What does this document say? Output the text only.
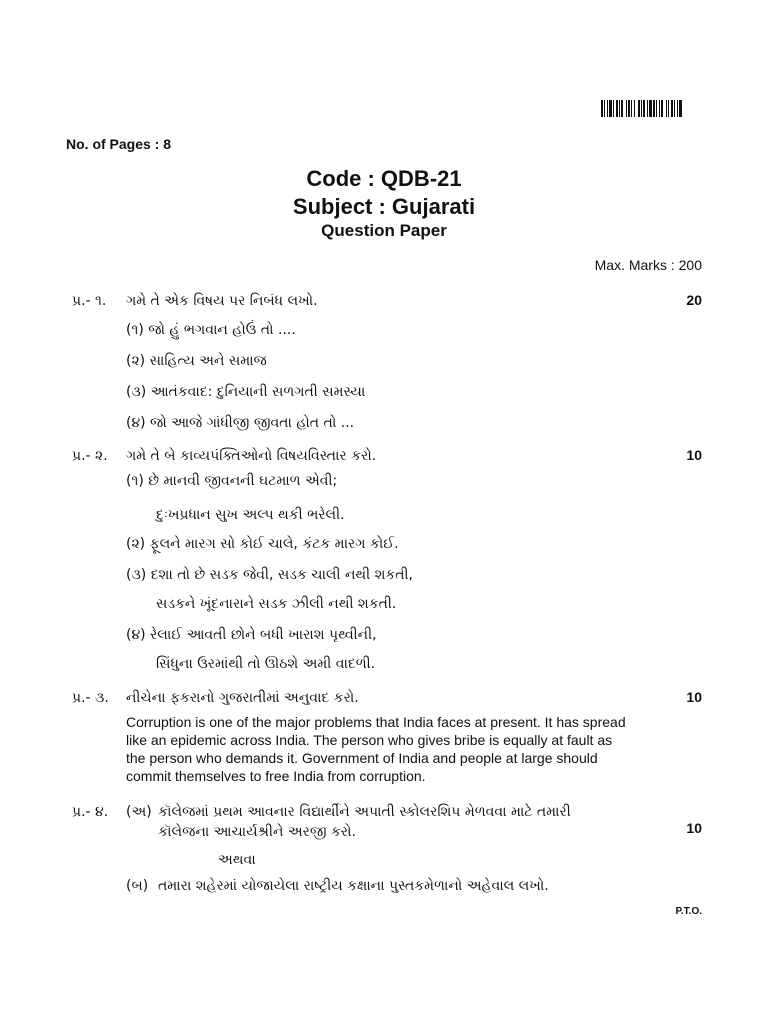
No. of Pages : 8
Code : QDB-21
Subject : Gujarati
Question Paper
Max. Marks : 200
પ્ર.- ૧. ગમે તે એક વિષય પર નિબંધ લખો.	20
(૧) જો હું ભગવાન હોઉં તો ....
(૨) સાહિત્ય અને સમાજ
(૩) આતંકવાદ: દુનિયાની સળગતી સમસ્યા
(૪) જો આજે ગાંધીજી જીવતા હોત તો ...
પ્ર.- ૨. ગમે તે બે કાવ્યપંક્તિઓનો વિષયવિસ્તાર કરો.	10
(૧) છે માનવી જીવનની ઘટમાળ એવી;
દુઃખપ્રધાન સુખ અલ્પ થકી ભરેલી.
(૨) ફૂલને મારગ સો કોઈ ચાલે, કંટક મારગ કોઈ.
(૩) દશા તો છે સડક જેવી, સડક ચાલી નથી શકતી,
સડકને ખૂંદનારાને સડક ઝીલી નથી શકતી.
(૪) રેલાઈ આવતી છોને બધી ખારાશ પૃથ્વીની,
સિંધુના ઉરમાંથી તો ઊઠશે અમી વાદળી.
પ્ર.- ૩. નીચેના ફકરાનો ગુજરાતીમાં અનુવાદ કરો.	10
Corruption is one of the major problems that India faces at present. It has spread like an epidemic across India. The person who gives bribe is equally at fault as the person who demands it. Government of India and people at large should commit themselves to free India from corruption.
પ્ર.- ૪. (અ) કૉલેજમાં પ્રથમ આવનાર વિદ્યાર્થીને અપાતી સ્કોલરશિપ મેળવવા માટે તમારી
કૉલેજના આચાર્યશ્રીને અરજી કરો.	10
અથવા
(બ) તમારા શહેરમાં યોજાયેલા રાષ્ટ્રીય કક્ષાના પુસ્તકમેળાનો અહેવાલ લખો.
P.T.O.
